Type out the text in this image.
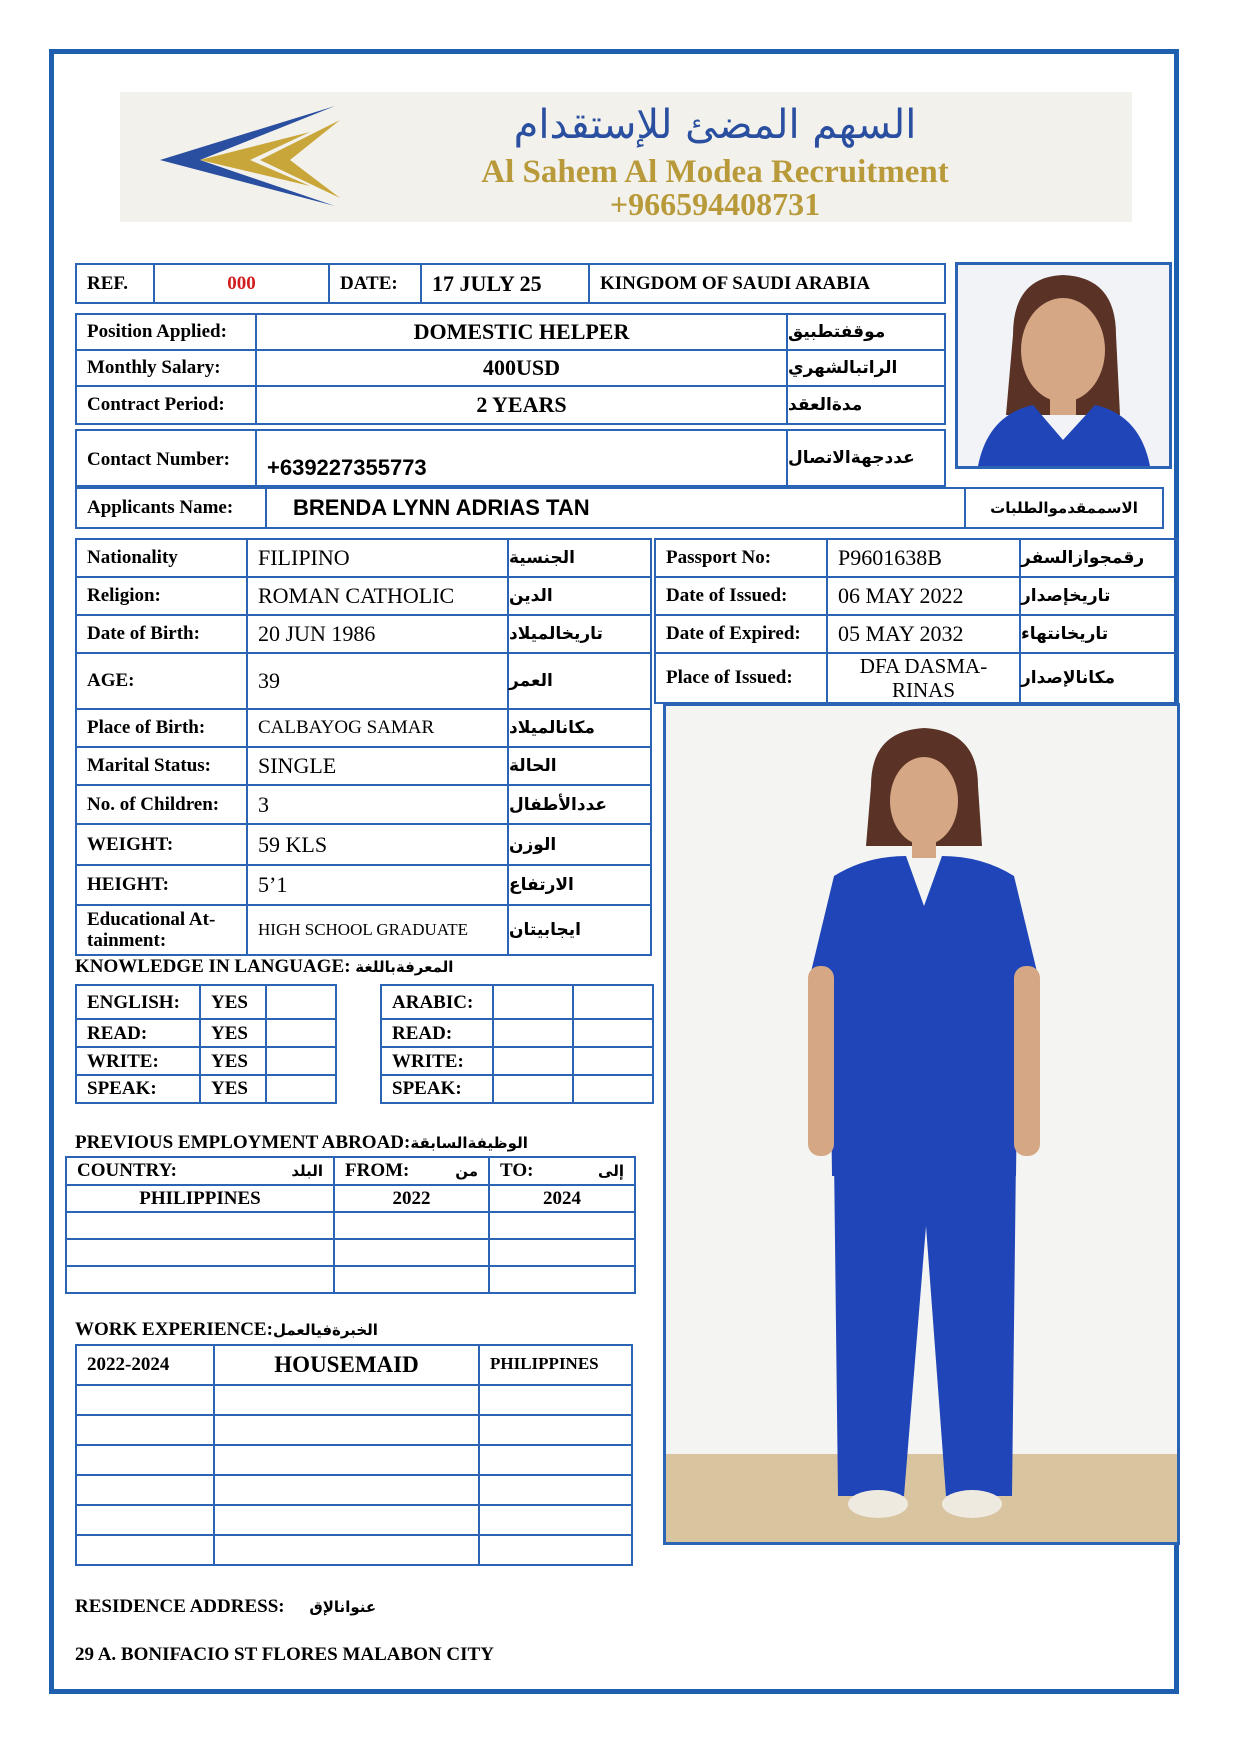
السهم المضئ للإستقدام
Al Sahem Al Modea Recruitment
+966594408731
REF.	000	DATE:	17 JULY 25	KINGDOM OF SAUDI ARABIA
Position Applied:	DOMESTIC HELPER	موقفتطبيق
Monthly Salary:	400USD	الراتبالشهري
Contract Period:	2 YEARS	مدةالعقد
Contact Number:	+639227355773	عددجهةالاتصال
Applicants Name:	BRENDA LYNN ADRIAS TAN	الاسممقدموالطلبات
Nationality	FILIPINO	الجنسية
Religion:	ROMAN CATHOLIC	الدين
Date of Birth:	20 JUN 1986	تاريخالميلاد
AGE:	39	العمر
Place of Birth:	CALBAYOG SAMAR	مكانالميلاد
Marital Status:	SINGLE	الحالة
No. of Children:	3	عددالأطفال
WEIGHT:	59 KLS	الوزن
HEIGHT:	5’1	الارتفاع
Educational At-
tainment:
HIGH SCHOOL GRADUATE	ايجابيتان
Passport No:	P9601638B	رقمجوازالسفر
Date of Issued:	06 MAY 2022	تاريخإصدار
Date of Expired:	05 MAY 2032	تاريخانتهاء
Place of Issued:	DFA DASMA-
RINAS	مكانالإصدار
KNOWLEDGE IN LANGUAGE: المعرفةباللغة
ENGLISH:	YES
READ:	YES
WRITE:	YES
SPEAK:	YES
ARABIC:
READ:
WRITE:
SPEAK:
PREVIOUS EMPLOYMENT ABROAD:الوظيفةالسابقة
COUNTRY:	البلد FROM:	من TO:	إلى
PHILIPPINES	2022	2024
WORK EXPERIENCE:الخبرةفيالعمل
2022-2024	HOUSEMAID	PHILIPPINES
RESIDENCE ADDRESS: عنوانالإق
29 A. BONIFACIO ST FLORES MALABON CITY
